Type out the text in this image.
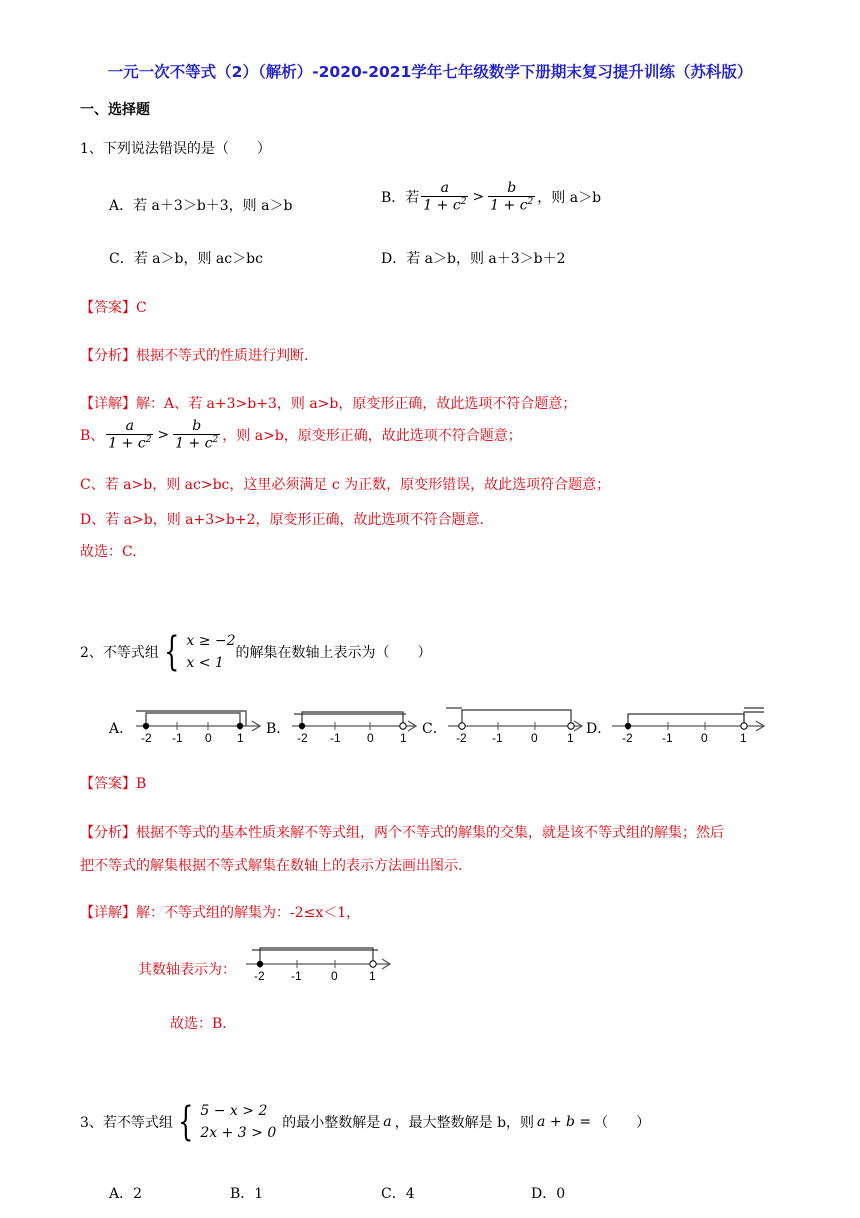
一元一次不等式（2）（解析）-2020-2021学年七年级数学下册期末复习提升训练（苏科版）
一、选择题
1、下列说法错误的是（　　）
A．若 a＋3＞b＋3，则 a＞b
B．若 $\frac{a}{1 + c^2} > \frac{b}{1 + c^2}$ ，则 a＞b
C．若 a＞b，则 ac＞bc	D．若 a＞b，则 a＋3＞b＋2
【答案】C
【分析】根据不等式的性质进行判断.
【详解】解：A、若 a+3>b+3，则 a>b，原变形正确，故此选项不符合题意；
B、 $\frac{a}{1 + c^2} > \frac{b}{1 + c^2}$ ，则 a>b，原变形正确，故此选项不符合题意；
C、若 a>b，则 ac>bc，这里必须满足 c 为正数，原变形错误，故此选项符合题意；
D、若 a>b，则 a+3>b+2，原变形正确，故此选项不符合题意.
故选：C.
2、不等式组 { x ≥ −2
x < 1
的解集在数轴上表示为（　　）
A．
-2 -1 0 1
B．
-2 -1 0 1
C．
-2 -1 0 1
D．
-2 -1 0	1
【答案】B
【分析】根据不等式的基本性质来解不等式组，两个不等式的解集的交集，就是该不等式组的解集；然后
把不等式的解集根据不等式解集在数轴上的表示方法画出图示.
【详解】解：不等式组的解集为：-2≤x＜1，
其数轴表示为： -2 -1 0	1
故选：B.
3、若不等式组 { 5 − x > 2
2x + 3 > 0
的最小整数解是 a ，最大整数解是 b，则 a + b = （　　）
A．2	B．1	C．4	D．0
